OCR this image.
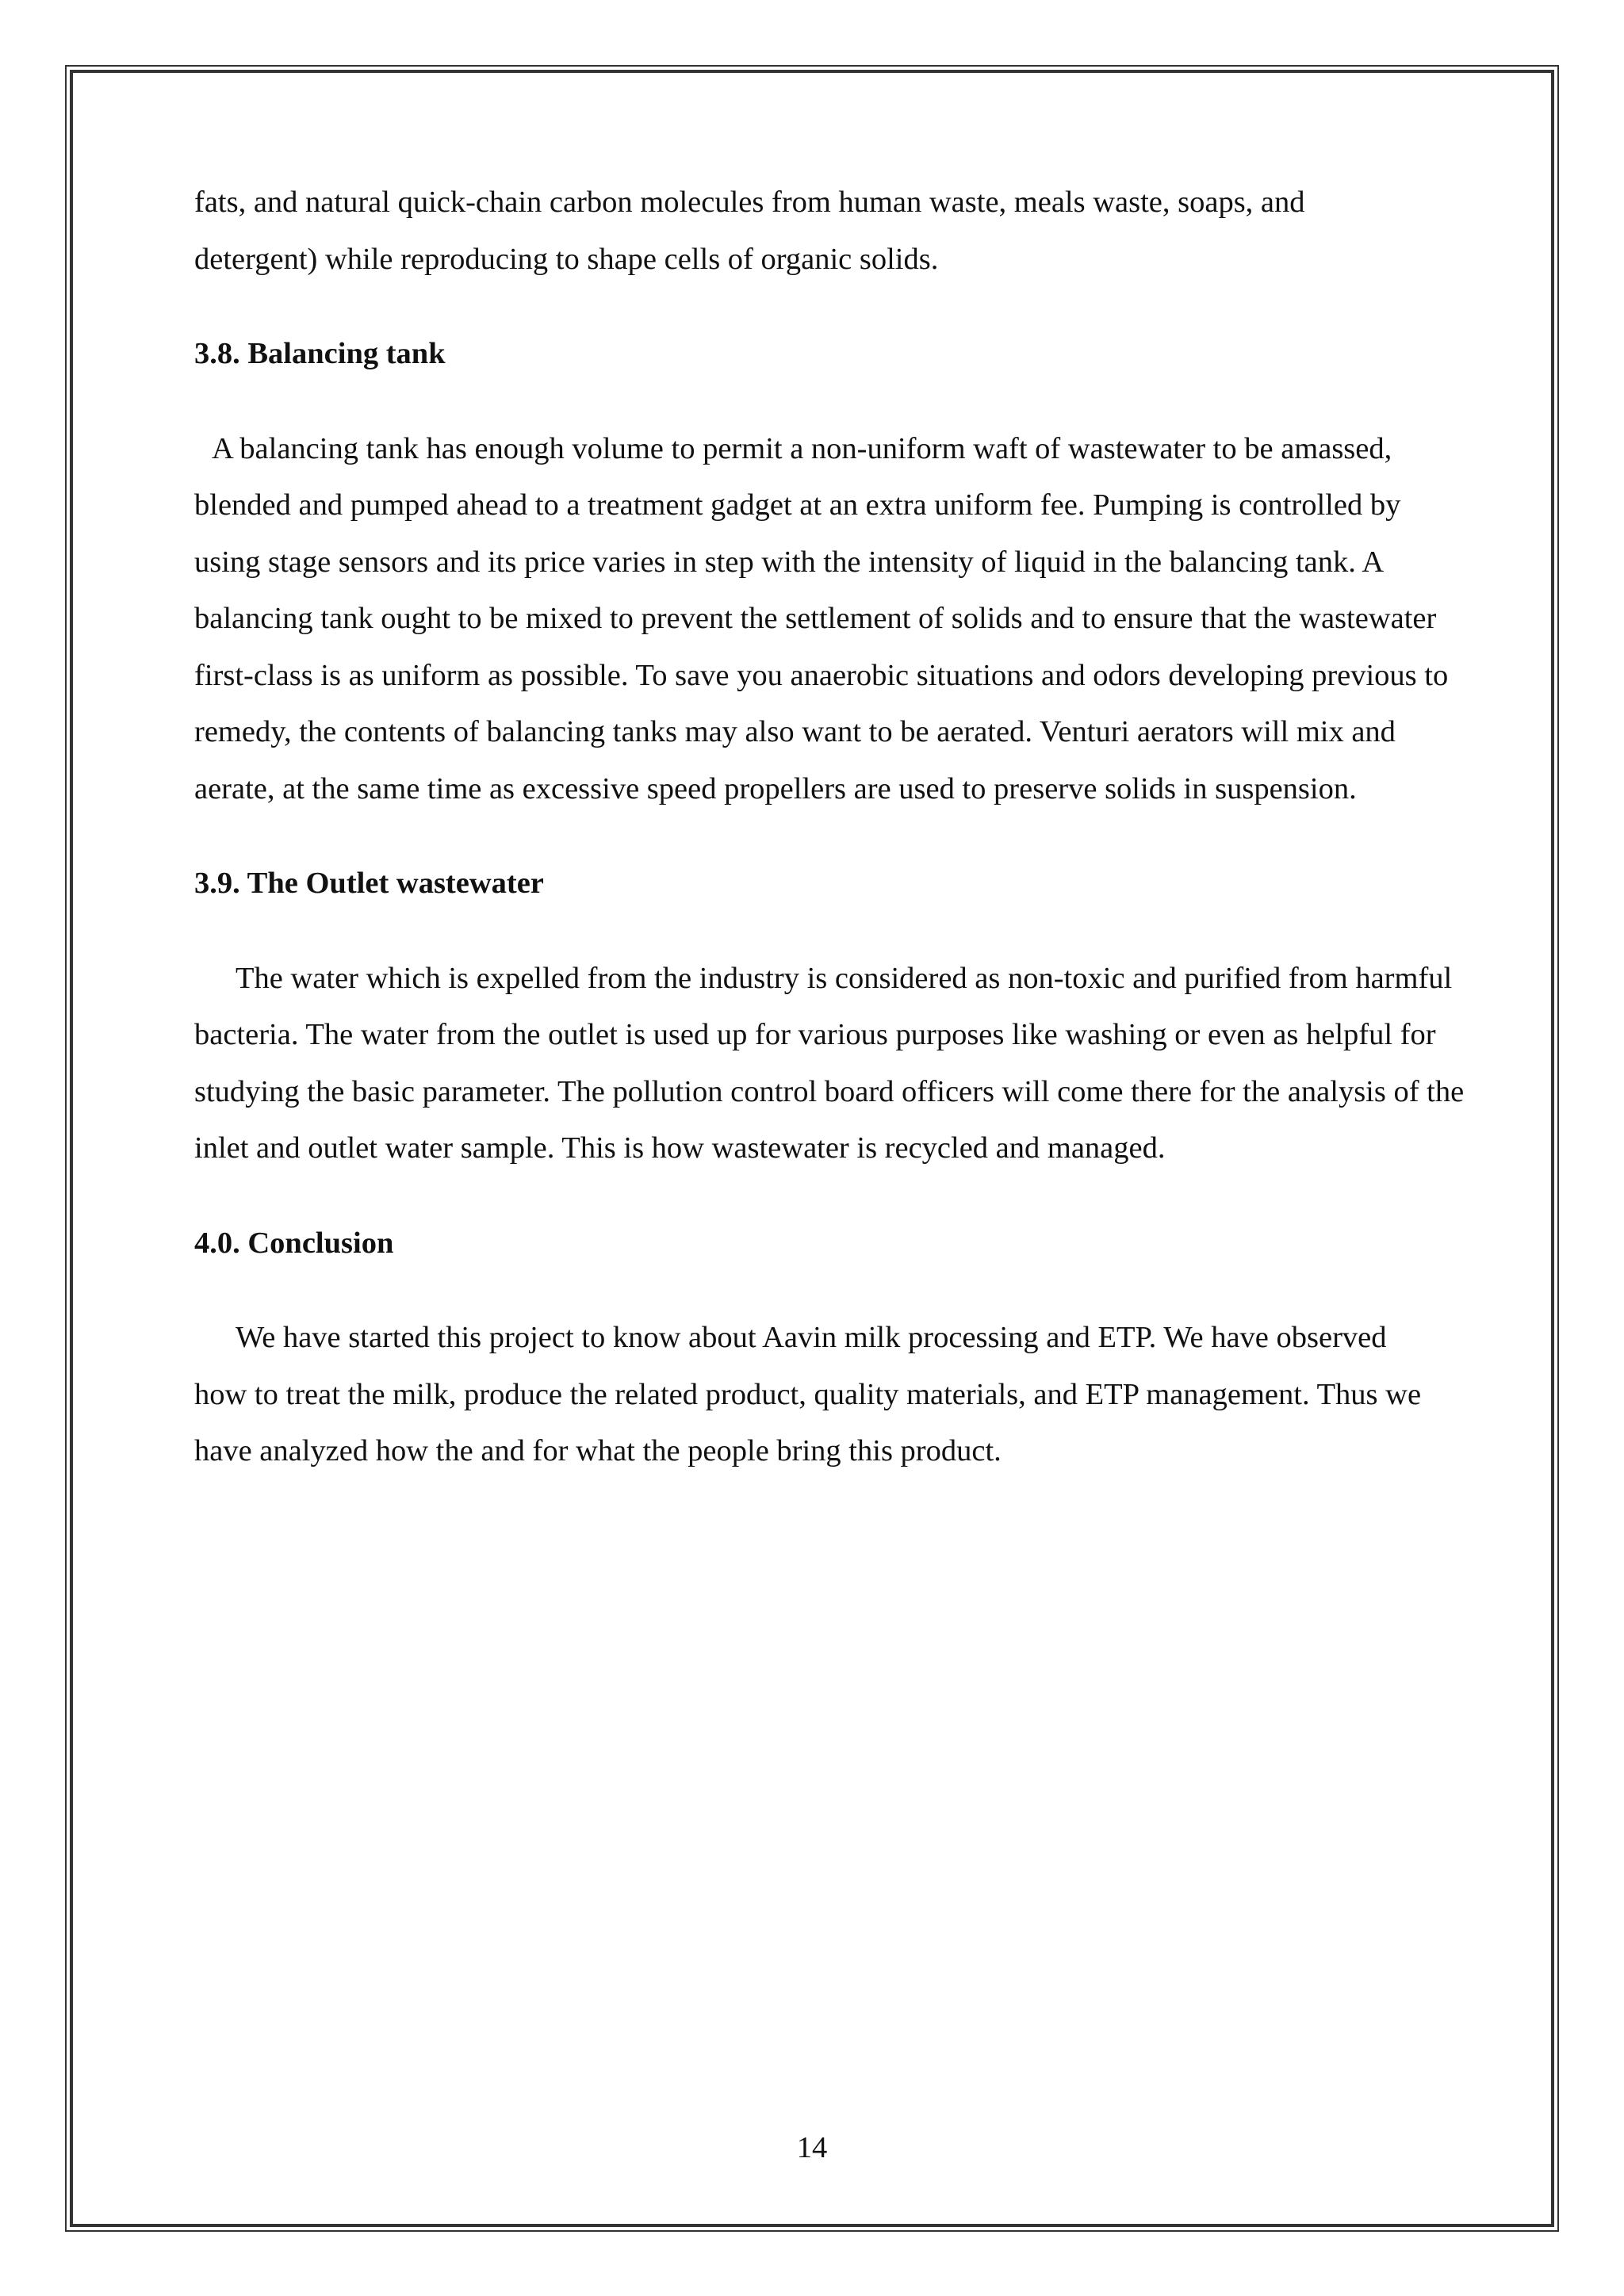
fats, and natural quick-chain carbon molecules from human waste, meals waste, soaps, and detergent) while reproducing to shape cells of organic solids.

3.8. Balancing tank

A balancing tank has enough volume to permit a non-uniform waft of wastewater to be amassed, blended and pumped ahead to a treatment gadget at an extra uniform fee. Pumping is controlled by using stage sensors and its price varies in step with the intensity of liquid in the balancing tank. A balancing tank ought to be mixed to prevent the settlement of solids and to ensure that the wastewater first-class is as uniform as possible. To save you anaerobic situations and odors developing previous to remedy, the contents of balancing tanks may also want to be aerated. Venturi aerators will mix and aerate, at the same time as excessive speed propellers are used to preserve solids in suspension.

3.9. The Outlet wastewater

The water which is expelled from the industry is considered as non-toxic and purified from harmful bacteria. The water from the outlet is used up for various purposes like washing or even as helpful for studying the basic parameter. The pollution control board officers will come there for the analysis of the inlet and outlet water sample. This is how wastewater is recycled and managed.

4.0. Conclusion

We have started this project to know about Aavin milk processing and ETP. We have observed how to treat the milk, produce the related product, quality materials, and ETP management. Thus we have analyzed how the and for what the people bring this product.

14
